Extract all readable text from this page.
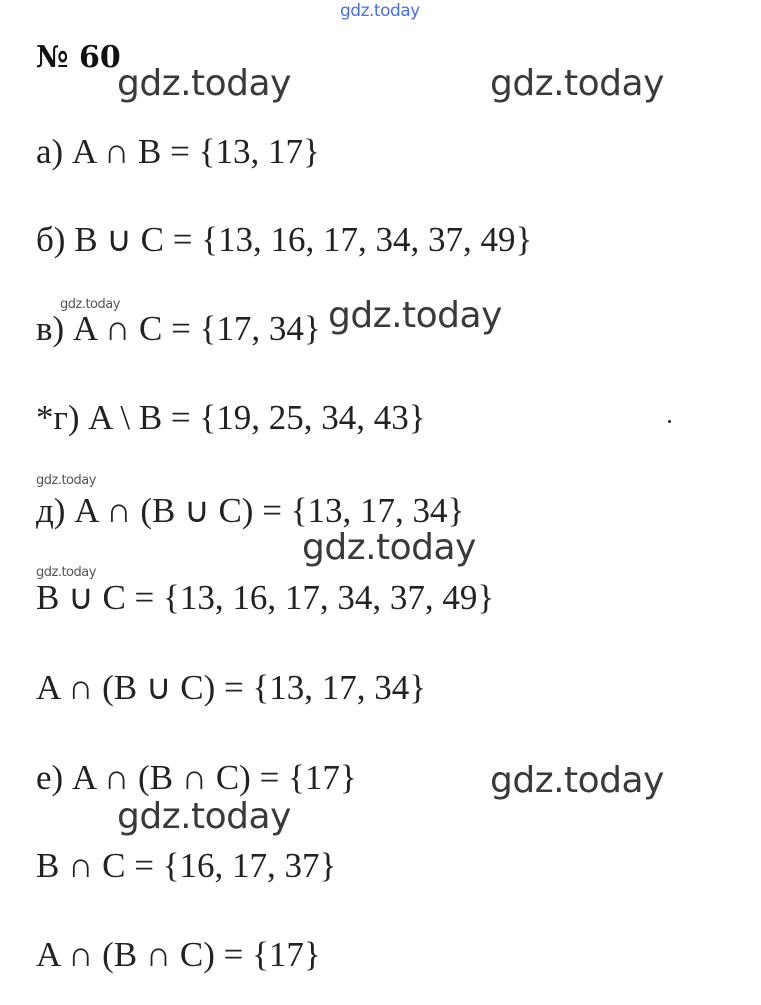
gdz.today
№ 60
gdz.today	gdz.today
а) A ∩ B = {13, 17}
б) B ∪ C = {13, 16, 17, 34, 37, 49}
gdz.today
в) A ∩ C = {17, 34} gdz.today
*г) A \ B = {19, 25, 34, 43}
gdz.today
д) A ∩ (B ∪ C) = {13, 17, 34}
gdz.today
gdz.today
B ∪ C = {13, 16, 17, 34, 37, 49}
A ∩ (B ∪ C) = {13, 17, 34}
е) A ∩ (B ∩ C) = {17}	gdz.today
gdz.today
B ∩ C = {16, 17, 37}
A ∩ (B ∩ C) = {17}
